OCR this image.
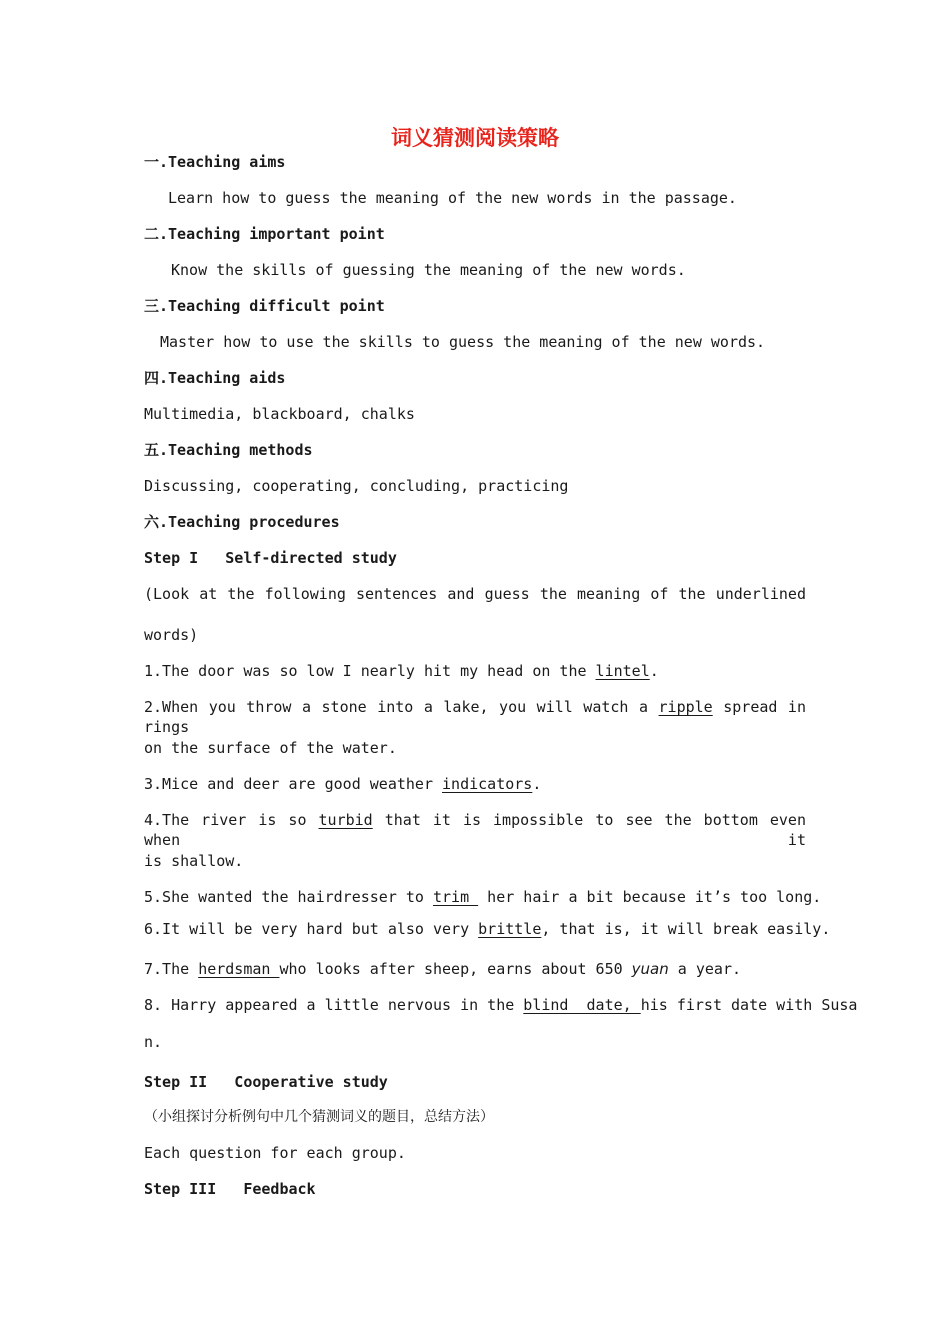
词义猜测阅读策略
一.Teaching aims
Learn how to guess the meaning of the new words in the passage.
二.Teaching important point
Know the skills of guessing the meaning of the new words.
三.Teaching difficult point
Master how to use the skills to guess the meaning of the new words.
四.Teaching aids
Multimedia, blackboard, chalks
五.Teaching methods
Discussing, cooperating, concluding, practicing
六.Teaching procedures
Step I   Self-directed study
(Look at the following sentences and guess the meaning of the underlined
words)
1.The door was so low I nearly hit my head on the lintel.
2.When you throw a stone into a lake, you will watch a ripple spread in rings
on the surface of the water.
3.Mice and deer are good weather indicators.
4.The river is so turbid that it is impossible to see the bottom even when it
is shallow.
5.She wanted the hairdresser to trim  her hair a bit because it’s too long.
6.It will be very hard but also very brittle, that is, it will break easily.
7.The herdsman who looks after sheep, earns about 650 yuan a year.
8. Harry appeared a little nervous in the blind  date, his first date with Susa
n.
Step II   Cooperative study
（小组探讨分析例句中几个猜测词义的题目，总结方法）
Each question for each group.
Step III   Feedback
